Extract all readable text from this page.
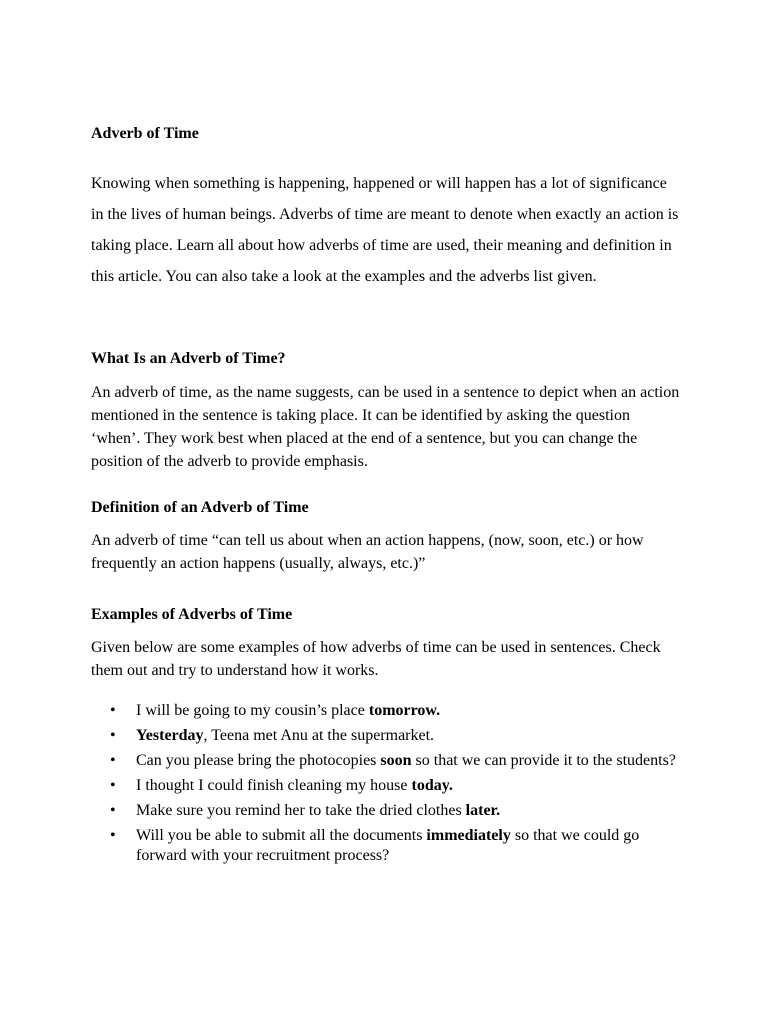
Adverb of Time

Knowing when something is happening, happened or will happen has a lot of significance in the lives of human beings. Adverbs of time are meant to denote when exactly an action is taking place. Learn all about how adverbs of time are used, their meaning and definition in this article. You can also take a look at the examples and the adverbs list given.

What Is an Adverb of Time?

An adverb of time, as the name suggests, can be used in a sentence to depict when an action mentioned in the sentence is taking place. It can be identified by asking the question ‘when’. They work best when placed at the end of a sentence, but you can change the position of the adverb to provide emphasis.

Definition of an Adverb of Time

An adverb of time “can tell us about when an action happens, (now, soon, etc.) or how frequently an action happens (usually, always, etc.)”

Examples of Adverbs of Time

Given below are some examples of how adverbs of time can be used in sentences. Check them out and try to understand how it works.

• I will be going to my cousin’s place tomorrow.
• Yesterday, Teena met Anu at the supermarket.
• Can you please bring the photocopies soon so that we can provide it to the students?
• I thought I could finish cleaning my house today.
• Make sure you remind her to take the dried clothes later.
• Will you be able to submit all the documents immediately so that we could go forward with your recruitment process?
